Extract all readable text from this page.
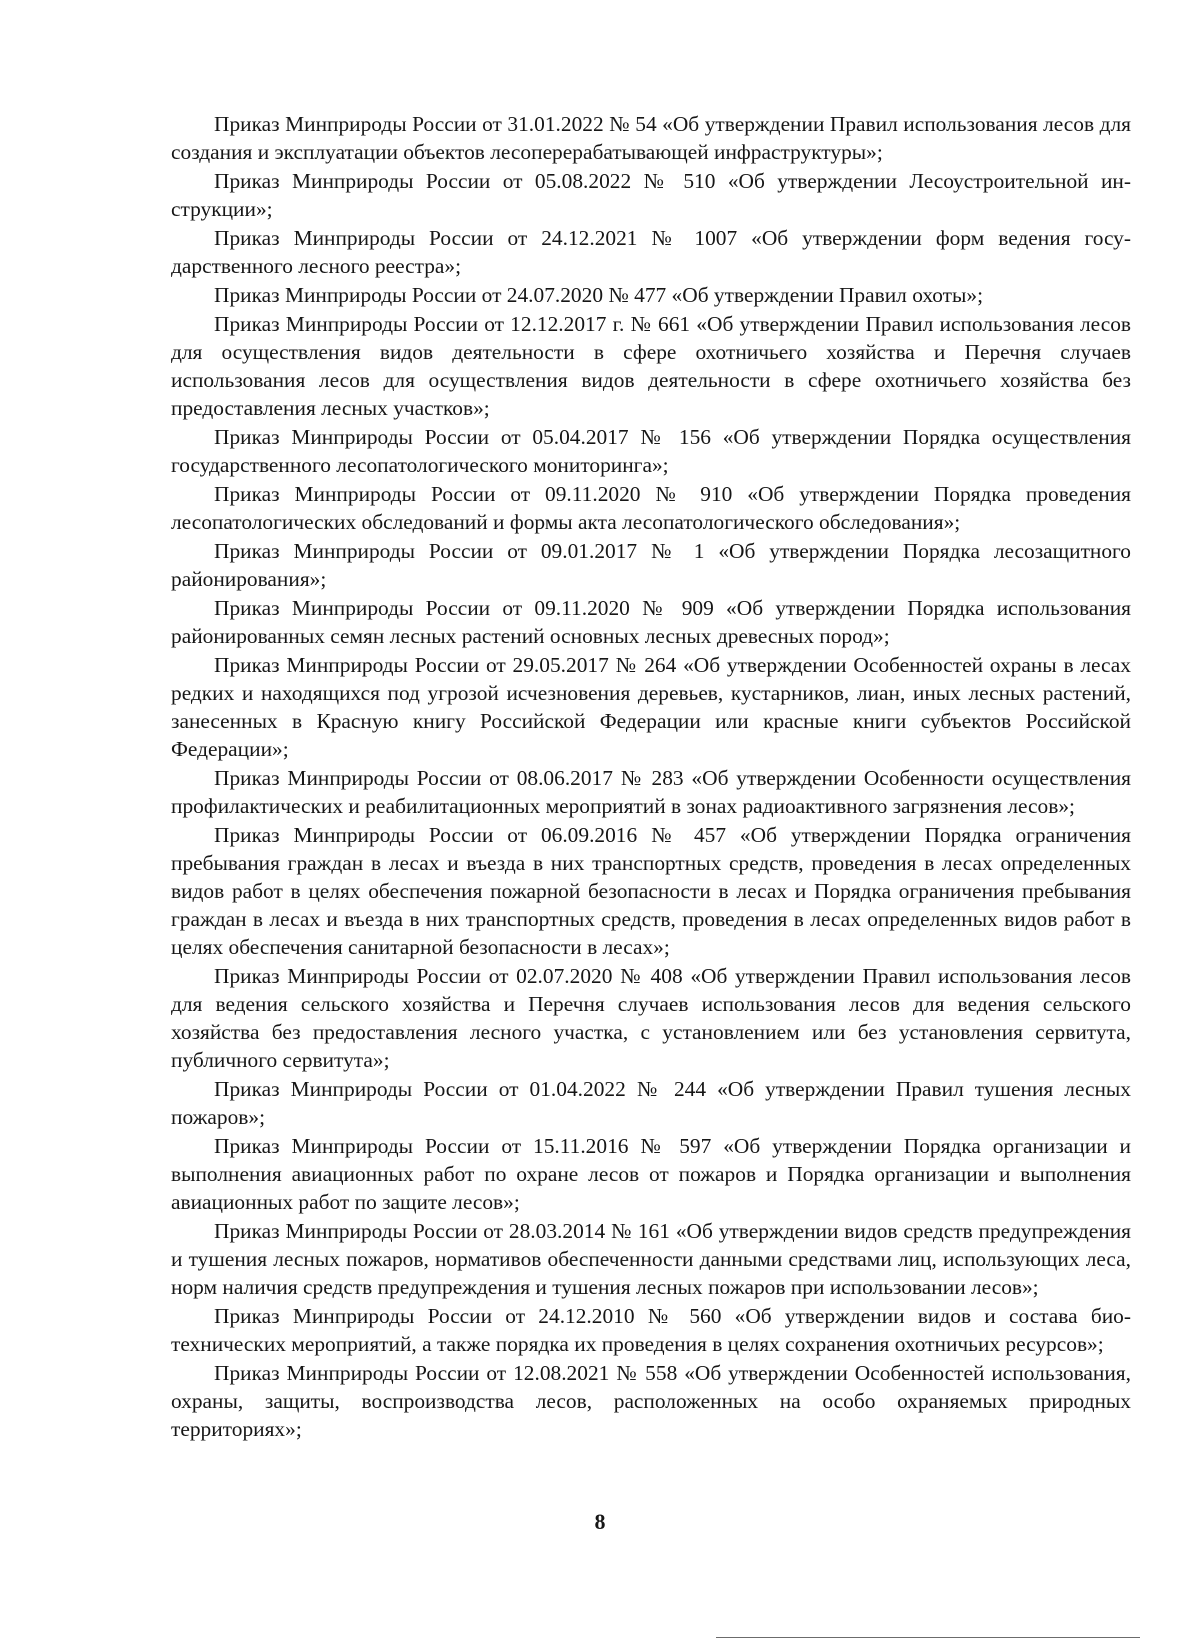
Приказ Минприроды России от 31.01.2022 № 54 «Об утверждении Правил использования лесов для создания и эксплуатации объектов лесоперерабатывающей инфраструктуры»;

Приказ Минприроды России от 05.08.2022 № 510 «Об утверждении Лесоустроительной инструкции»;

Приказ Минприроды России от 24.12.2021 № 1007 «Об утверждении форм ведения государственного лесного реестра»;

Приказ Минприроды России от 24.07.2020 № 477 «Об утверждении Правил охоты»;

Приказ Минприроды России от 12.12.2017 г. № 661 «Об утверждении Правил использования лесов для осуществления видов деятельности в сфере охотничьего хозяйства и Перечня случаев использования лесов для осуществления видов деятельности в сфере охотничьего хозяйства без предоставления лесных участков»;

Приказ Минприроды России от 05.04.2017 № 156 «Об утверждении Порядка осуществления государственного лесопатологического мониторинга»;

Приказ Минприроды России от 09.11.2020 № 910 «Об утверждении Порядка проведения лесопатологических обследований и формы акта лесопатологического обследования»;

Приказ Минприроды России от 09.01.2017 № 1 «Об утверждении Порядка лесозащитного районирования»;

Приказ Минприроды России от 09.11.2020 № 909 «Об утверждении Порядка использования районированных семян лесных растений основных лесных древесных пород»;

Приказ Минприроды России от 29.05.2017 № 264 «Об утверждении Особенностей охраны в лесах редких и находящихся под угрозой исчезновения деревьев, кустарников, лиан, иных лесных растений, занесенных в Красную книгу Российской Федерации или красные книги субъектов Российской Федерации»;

Приказ Минприроды России от 08.06.2017 № 283 «Об утверждении Особенности осуществления профилактических и реабилитационных мероприятий в зонах радиоактивного загрязнения лесов»;

Приказ Минприроды России от 06.09.2016 № 457 «Об утверждении Порядка ограничения пребывания граждан в лесах и въезда в них транспортных средств, проведения в лесах определенных видов работ в целях обеспечения пожарной безопасности в лесах и Порядка ограничения пребывания граждан в лесах и въезда в них транспортных средств, проведения в лесах определенных видов работ в целях обеспечения санитарной безопасности в лесах»;

Приказ Минприроды России от 02.07.2020 № 408 «Об утверждении Правил использования лесов для ведения сельского хозяйства и Перечня случаев использования лесов для ведения сельского хозяйства без предоставления лесного участка, с установлением или без установления сервитута, публичного сервитута»;

Приказ Минприроды России от 01.04.2022 № 244 «Об утверждении Правил тушения лесных пожаров»;

Приказ Минприроды России от 15.11.2016 № 597 «Об утверждении Порядка организации и выполнения авиационных работ по охране лесов от пожаров и Порядка организации и выполнения авиационных работ по защите лесов»;

Приказ Минприроды России от 28.03.2014 № 161 «Об утверждении видов средств предупреждения и тушения лесных пожаров, нормативов обеспеченности данными средствами лиц, использующих леса, норм наличия средств предупреждения и тушения лесных пожаров при использовании лесов»;

Приказ Минприроды России от 24.12.2010 № 560 «Об утверждении видов и состава биотехнических мероприятий, а также порядка их проведения в целях сохранения охотничьих ресурсов»;

Приказ Минприроды России от 12.08.2021 № 558 «Об утверждении Особенностей использования, охраны, защиты, воспроизводства лесов, расположенных на особо охраняемых природных территориях»;

8
